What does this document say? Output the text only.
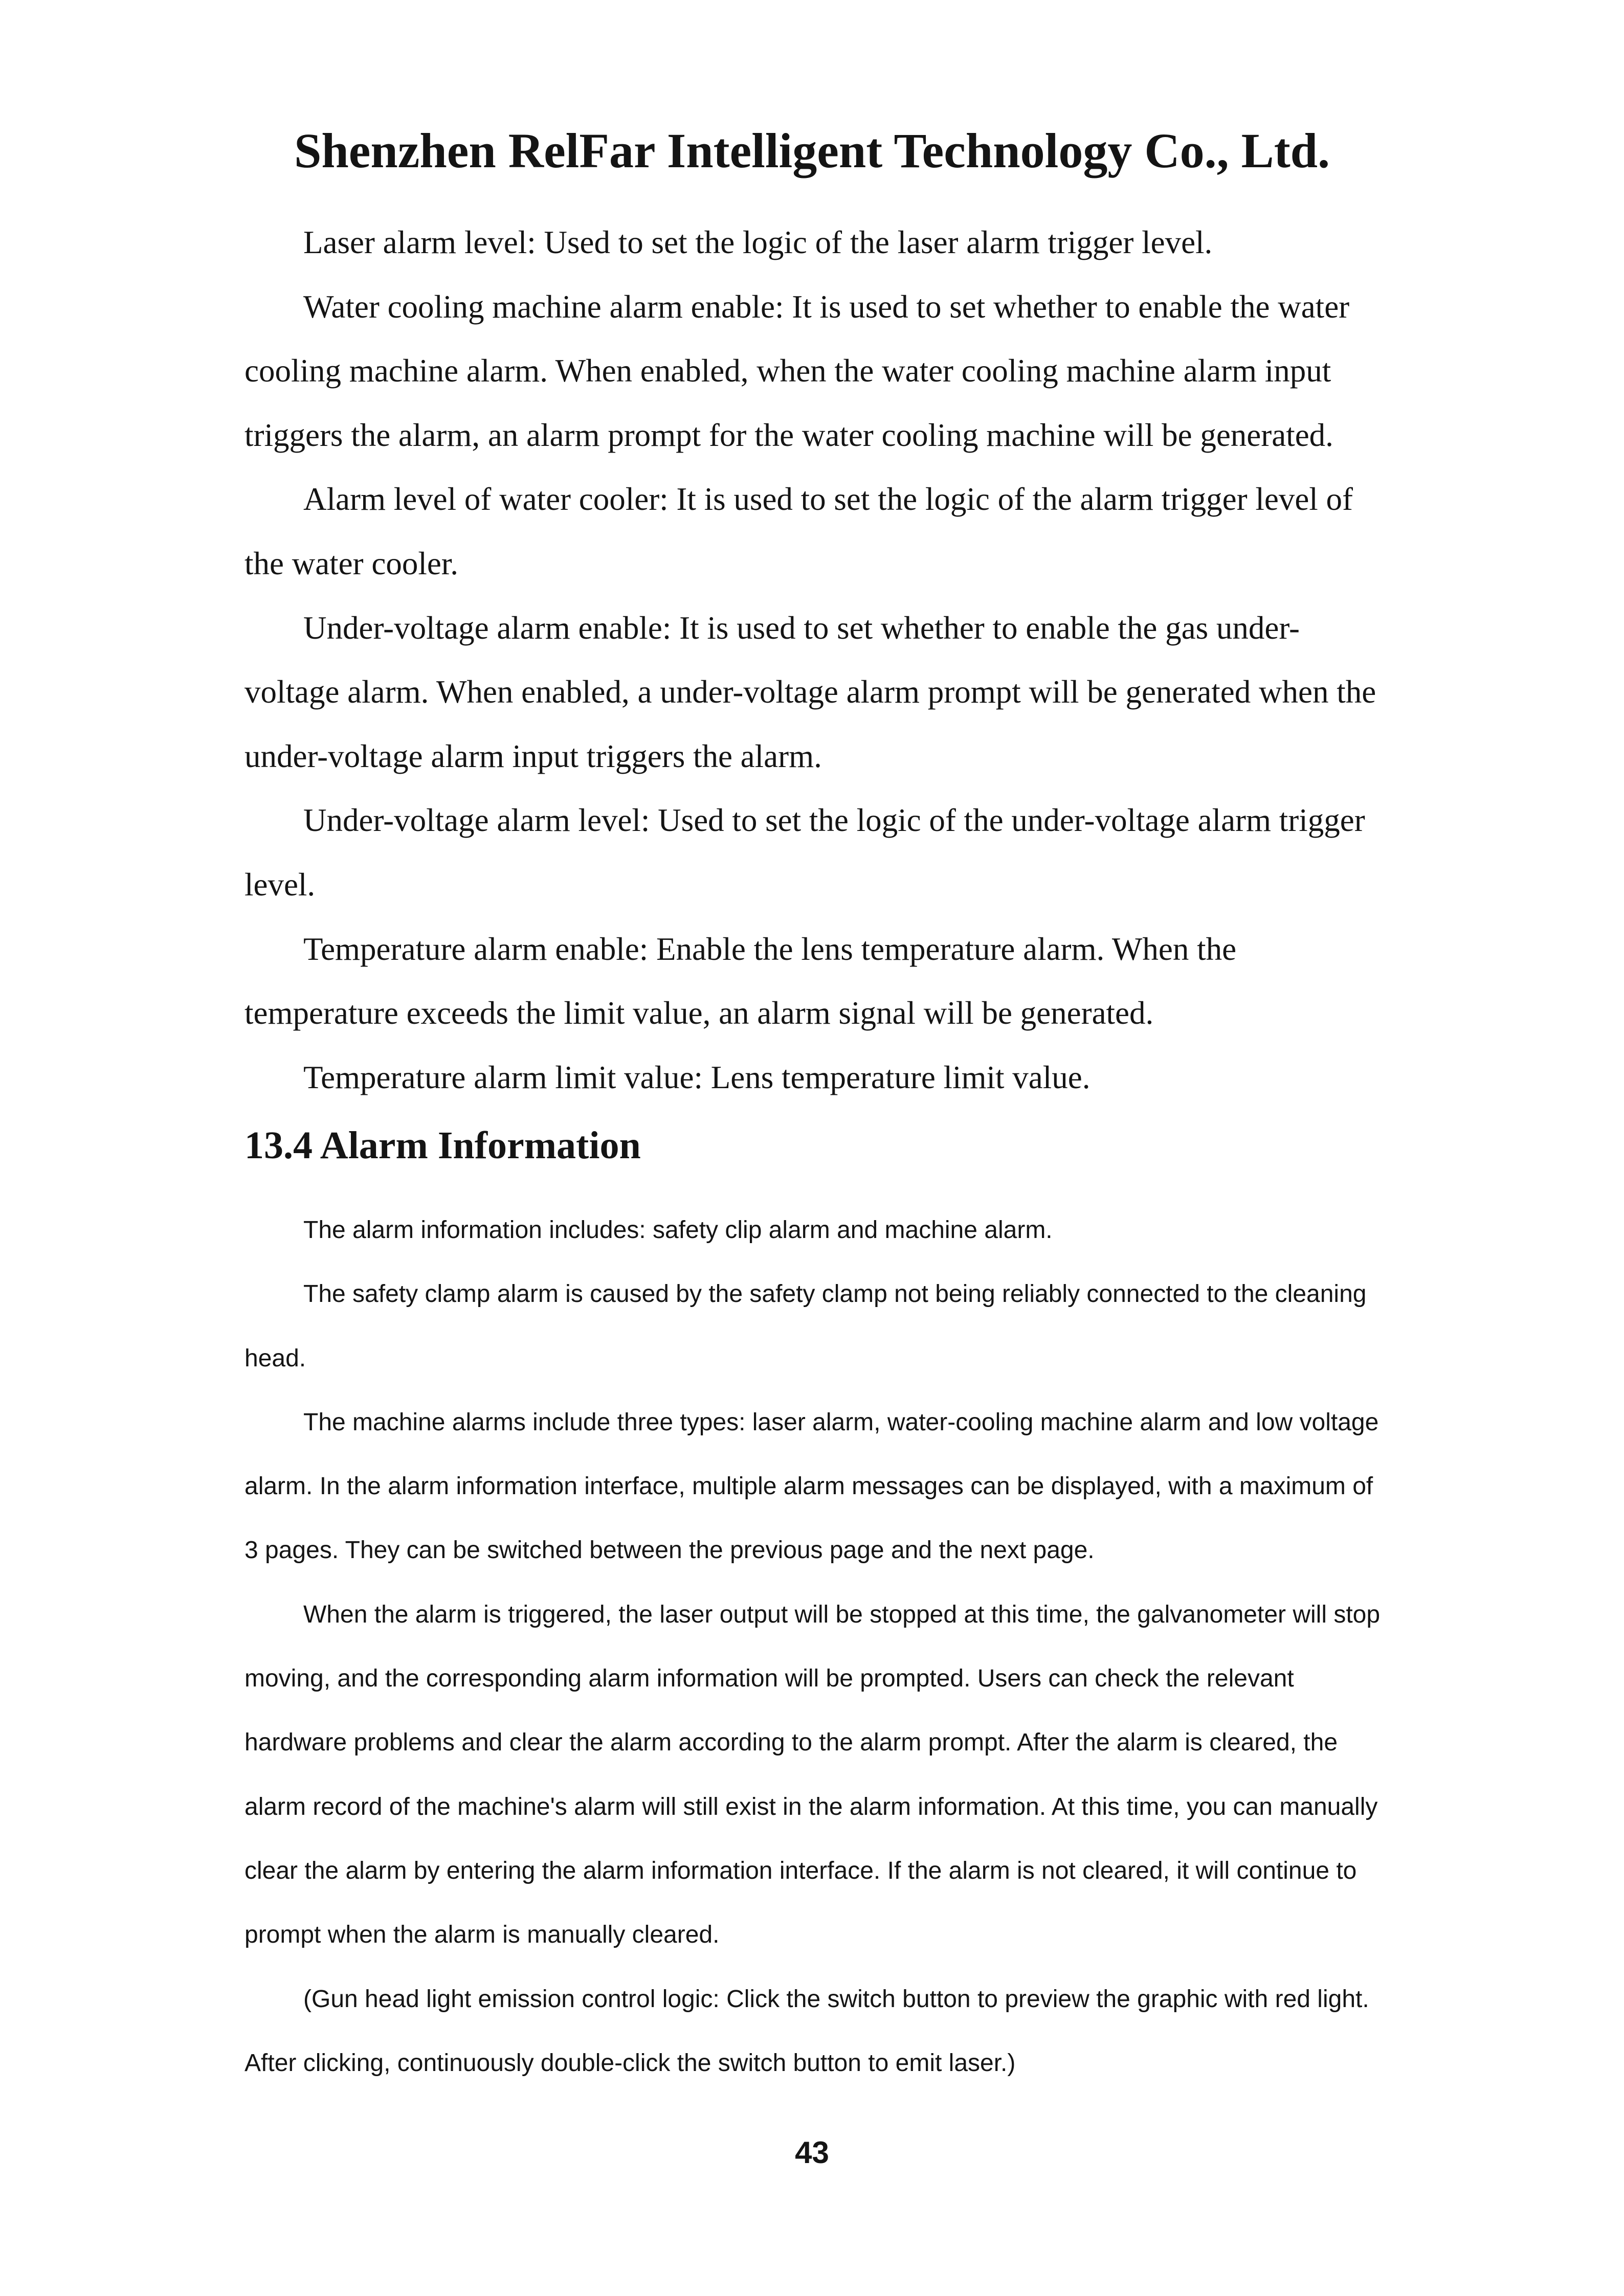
Shenzhen RelFar Intelligent Technology Co., Ltd.

Laser alarm level: Used to set the logic of the laser alarm trigger level.

Water cooling machine alarm enable: It is used to set whether to enable the water cooling machine alarm. When enabled, when the water cooling machine alarm input triggers the alarm, an alarm prompt for the water cooling machine will be generated.

Alarm level of water cooler: It is used to set the logic of the alarm trigger level of the water cooler.

Under-voltage alarm enable: It is used to set whether to enable the gas under-voltage alarm. When enabled, a under-voltage alarm prompt will be generated when the under-voltage alarm input triggers the alarm.

Under-voltage alarm level: Used to set the logic of the under-voltage alarm trigger level.

Temperature alarm enable: Enable the lens temperature alarm. When the temperature exceeds the limit value, an alarm signal will be generated.

Temperature alarm limit value: Lens temperature limit value.

13.4 Alarm Information

The alarm information includes: safety clip alarm and machine alarm.

The safety clamp alarm is caused by the safety clamp not being reliably connected to the cleaning head.

The machine alarms include three types: laser alarm, water-cooling machine alarm and low voltage alarm. In the alarm information interface, multiple alarm messages can be displayed, with a maximum of 3 pages. They can be switched between the previous page and the next page.

When the alarm is triggered, the laser output will be stopped at this time, the galvanometer will stop moving, and the corresponding alarm information will be prompted. Users can check the relevant hardware problems and clear the alarm according to the alarm prompt. After the alarm is cleared, the alarm record of the machine's alarm will still exist in the alarm information. At this time, you can manually clear the alarm by entering the alarm information interface. If the alarm is not cleared, it will continue to prompt when the alarm is manually cleared.

(Gun head light emission control logic: Click the switch button to preview the graphic with red light. After clicking, continuously double-click the switch button to emit laser.)

43
